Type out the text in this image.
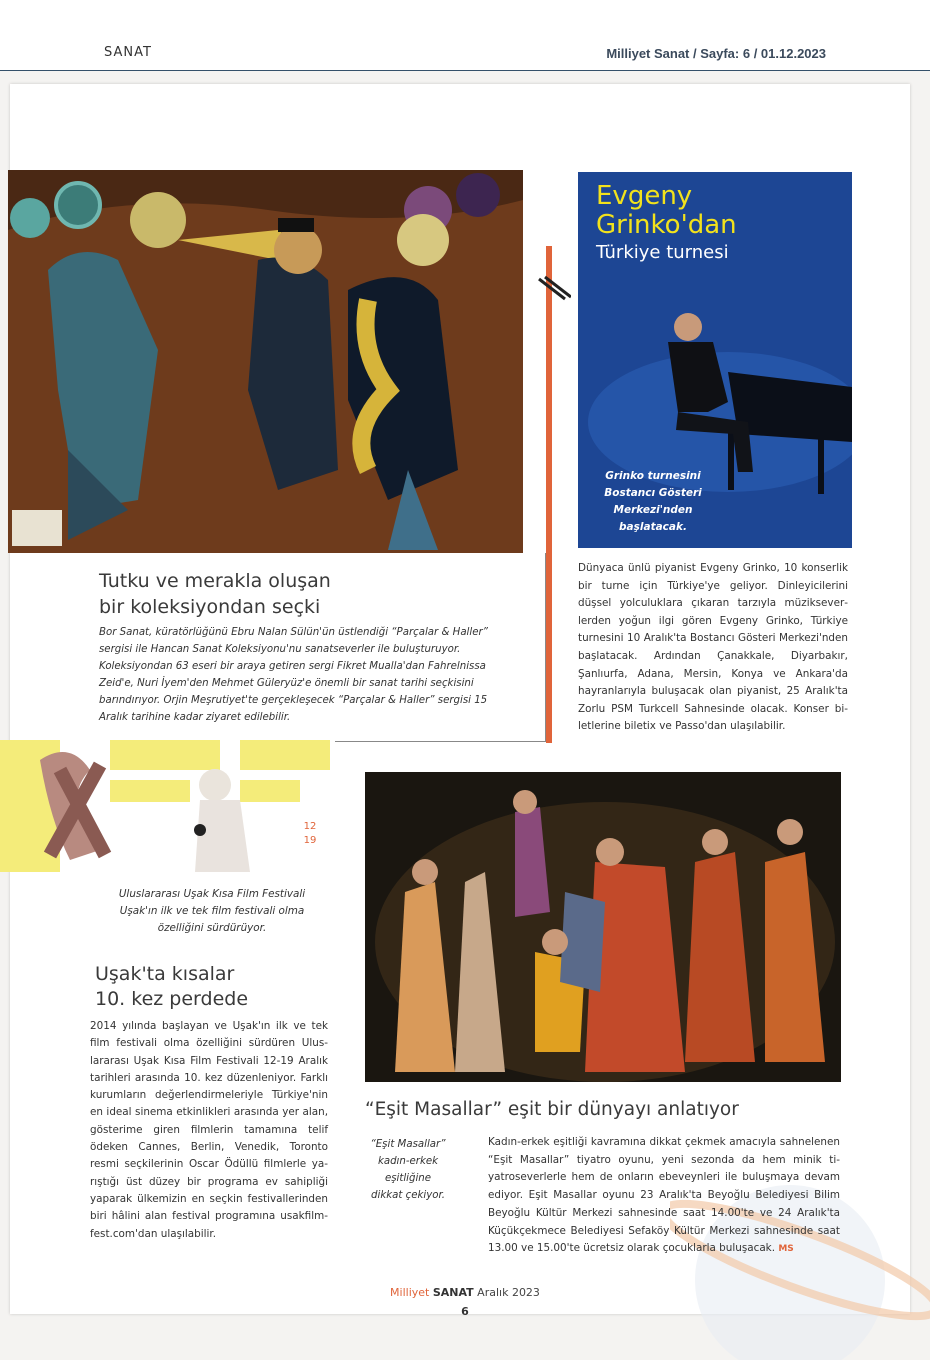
SANAT	Milliyet Sanat / Sayfa: 6 / 01.12.2023
Tutku ve merakla oluşan
bir koleksiyondan seçki
Bor Sanat, küratörlüğünü Ebru Nalan Sülün'ün üstlendiği “Parçalar & Haller” sergisi ile Hancan Sanat Koleksiyonu'nu sanatseverler ile buluşturuyor. Koleksiyondan 63 eseri bir araya getiren sergi Fikret Mualla'dan Fahrelnissa Zeid'e, Nuri İyem'den Mehmet Güleryüz'e önemli bir sanat tarihi seçkisini barındırıyor. Orjin Meşrutiyet'te gerçekleşecek “Parçalar & Haller” sergisi 15 Aralık tarihine kadar ziyaret edilebilir.
Evgeny
Grinko'dan
Türkiye turnesi
Grinko turnesini
Bostancı Gösteri
Merkezi'nden
başlatacak.
Dünyaca ünlü piyanist Evgeny Grinko, 10 konserlik bir turne için Türkiye'ye geliyor. Dinleyicilerini düşsel yolculuklara çıkaran tarzıyla müzikseverlerden yoğun ilgi gören Evgeny Grinko, Türkiye turnesini 10 Aralık'ta Bostancı Gösteri Merkezi'nden başlatacak. Ardından Çanakkale, Diyarbakır, Şanlıurfa, Adana, Mersin, Konya ve Ankara'da hayranlarıyla buluşacak olan piyanist, 25 Aralık'ta Zorlu PSM Turkcell Sahnesinde olacak. Konser biletlerine biletix ve Passo'dan ulaşılabilir.
12 19
Uluslararası Uşak Kısa Film Festivali
Uşak'ın ilk ve tek film festivali olma
özelliğini sürdürüyor.
Uşak'ta kısalar
10. kez perdede
2014 yılında başlayan ve Uşak'ın ilk ve tek film festivali olma özelliğini sürdüren Uluslararası Uşak Kısa Film Festivali 12-19 Aralık tarihleri arasında 10. kez düzenleniyor. Farklı kurumların değerlendirmeleriyle Türkiye'nin en ideal sinema etkinlikleri arasında yer alan, gösterime giren filmlerin tamamına telif ödeken Cannes, Berlin, Venedik, Toronto resmi seçkilerinin Oscar Ödüllü filmlerle yarıştığı üst düzey bir programa ev sahipliği yaparak ülkemizin en seçkin festivallerinden biri hâlini alan festival programına usakfilmfest.com'dan ulaşılabilir.
“Eşit Masallar” eşit bir dünyayı anlatıyor
“Eşit Masallar”
kadın-erkek
eşitliğine
dikkat çekiyor.
Kadın-erkek eşitliği kavramına dikkat çekmek amacıyla sahnelenen “Eşit Masallar” tiyatro oyunu, yeni sezonda da hem minik tiyatroseverlerle hem de onların ebeveynleri ile buluşmaya devam ediyor. Eşit Masallar oyunu 23 Aralık'ta Beyoğlu Belediyesi Bilim Beyoğlu Kültür Merkezi sahnesinde saat 14.00'te ve 24 Aralık'ta Küçükçekmece Belediyesi Sefaköy Kültür Merkezi sahnesinde saat 13.00 ve 15.00'te ücretsiz olarak çocuklarla buluşacak. MS
Milliyet SANAT Aralık 2023
6
